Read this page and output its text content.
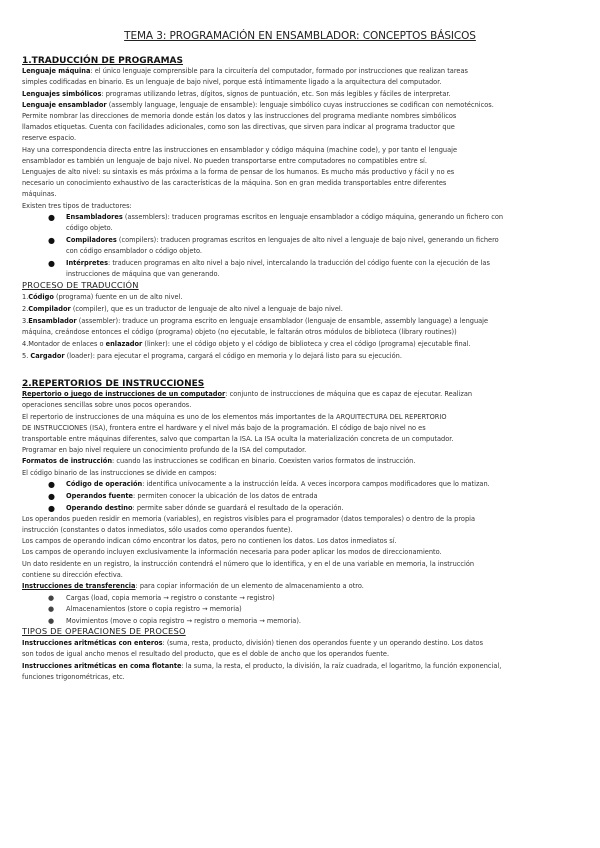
TEMA 3: PROGRAMACIÓN EN ENSAMBLADOR: CONCEPTOS BÁSICOS
1.TRADUCCIÓN DE PROGRAMAS
Lenguaje máquina: el único lenguaje comprensible para la circuitería del computador, formado por instrucciones que realizan tareas
simples codificadas en binario. Es un lenguaje de bajo nivel, porque está íntimamente ligado a la arquitectura del computador.
Lenguajes simbólicos: programas utilizando letras, dígitos, signos de puntuación, etc. Son más legibles y fáciles de interpretar.
Lenguaje ensamblador (assembly language, lenguaje de ensamble): lenguaje simbólico cuyas instrucciones se codifican con nemotécnicos.
Permite nombrar las direcciones de memoria donde están los datos y las instrucciones del programa mediante nombres simbólicos
llamados etiquetas. Cuenta con facilidades adicionales, como son las directivas, que sirven para indicar al programa traductor que
reserve espacio.
Hay una correspondencia directa entre las instrucciones en ensamblador y código máquina (machine code), y por tanto el lenguaje
ensamblador es también un lenguaje de bajo nivel. No pueden transportarse entre computadores no compatibles entre sí.
Lenguajes de alto nivel: su sintaxis es más próxima a la forma de pensar de los humanos. Es mucho más productivo y fácil y no es
necesario un conocimiento exhaustivo de las características de la máquina. Son en gran medida transportables entre diferentes
máquinas.
Existen tres tipos de traductores:
● Ensambladores (assemblers): traducen programas escritos en lenguaje ensamblador a código máquina, generando un fichero con
código objeto.
● Compiladores (compilers): traducen programas escritos en lenguajes de alto nivel a lenguaje de bajo nivel, generando un fichero
con código ensamblador o código objeto.
● Intérpretes: traducen programas en alto nivel a bajo nivel, intercalando la traducción del código fuente con la ejecución de las
instrucciones de máquina que van generando.
PROCESO DE TRADUCCIÓN
1.Código (programa) fuente en un de alto nivel.
2.Compilador (compiler), que es un traductor de lenguaje de alto nivel a lenguaje de bajo nivel.
3.Ensamblador (assembler): traduce un programa escrito en lenguaje ensamblador (lenguaje de ensamble, assembly language) a lenguaje
máquina, creándose entonces el código (programa) objeto (no ejecutable, le faltarán otros módulos de biblioteca (library routines))
4.Montador de enlaces o enlazador (linker): une el código objeto y el código de biblioteca y crea el código (programa) ejecutable final.
5. Cargador (loader): para ejecutar el programa, cargará el código en memoria y lo dejará listo para su ejecución.
2.REPERTORIOS DE INSTRUCCIONES
Repertorio o juego de instrucciones de un computador: conjunto de instrucciones de máquina que es capaz de ejecutar. Realizan
operaciones sencillas sobre unos pocos operandos.
El repertorio de instrucciones de una máquina es uno de los elementos más importantes de la ARQUITECTURA DEL REPERTORIO
DE INSTRUCCIONES (ISA), frontera entre el hardware y el nivel más bajo de la programación. El código de bajo nivel no es
transportable entre máquinas diferentes, salvo que compartan la ISA. La ISA oculta la materialización concreta de un computador.
Programar en bajo nivel requiere un conocimiento profundo de la ISA del computador.
Formatos de instrucción: cuando las instrucciones se codifican en binario. Coexisten varios formatos de instrucción.
El código binario de las instrucciones se divide en campos:
● Código de operación: identifica unívocamente a la instrucción leída. A veces incorpora campos modificadores que lo matizan.
● Operandos fuente: permiten conocer la ubicación de los datos de entrada
● Operando destino: permite saber dónde se guardará el resultado de la operación.
Los operandos pueden residir en memoria (variables), en registros visibles para el programador (datos temporales) o dentro de la propia
instrucción (constantes o datos inmediatos, sólo usados como operandos fuente).
Los campos de operando indican cómo encontrar los datos, pero no contienen los datos. Los datos inmediatos sí.
Los campos de operando incluyen exclusivamente la información necesaria para poder aplicar los modos de direccionamiento.
Un dato residente en un registro, la instrucción contendrá el número que lo identifica, y en el de una variable en memoria, la instrucción
contiene su dirección efectiva.
Instrucciones de transferencia: para copiar información de un elemento de almacenamiento a otro.
● Cargas (load, copia memoria → registro o constante → registro)
● Almacenamientos (store o copia registro → memoria)
● Movimientos (move o copia registro → registro o memoria → memoria).
TIPOS DE OPERACIONES DE PROCESO
Instrucciones aritméticas con enteros: (suma, resta, producto, división) tienen dos operandos fuente y un operando destino. Los datos
son todos de igual ancho menos el resultado del producto, que es el doble de ancho que los operandos fuente.
Instrucciones aritméticas en coma flotante: la suma, la resta, el producto, la división, la raíz cuadrada, el logaritmo, la función exponencial,
funciones trigonométricas, etc.
